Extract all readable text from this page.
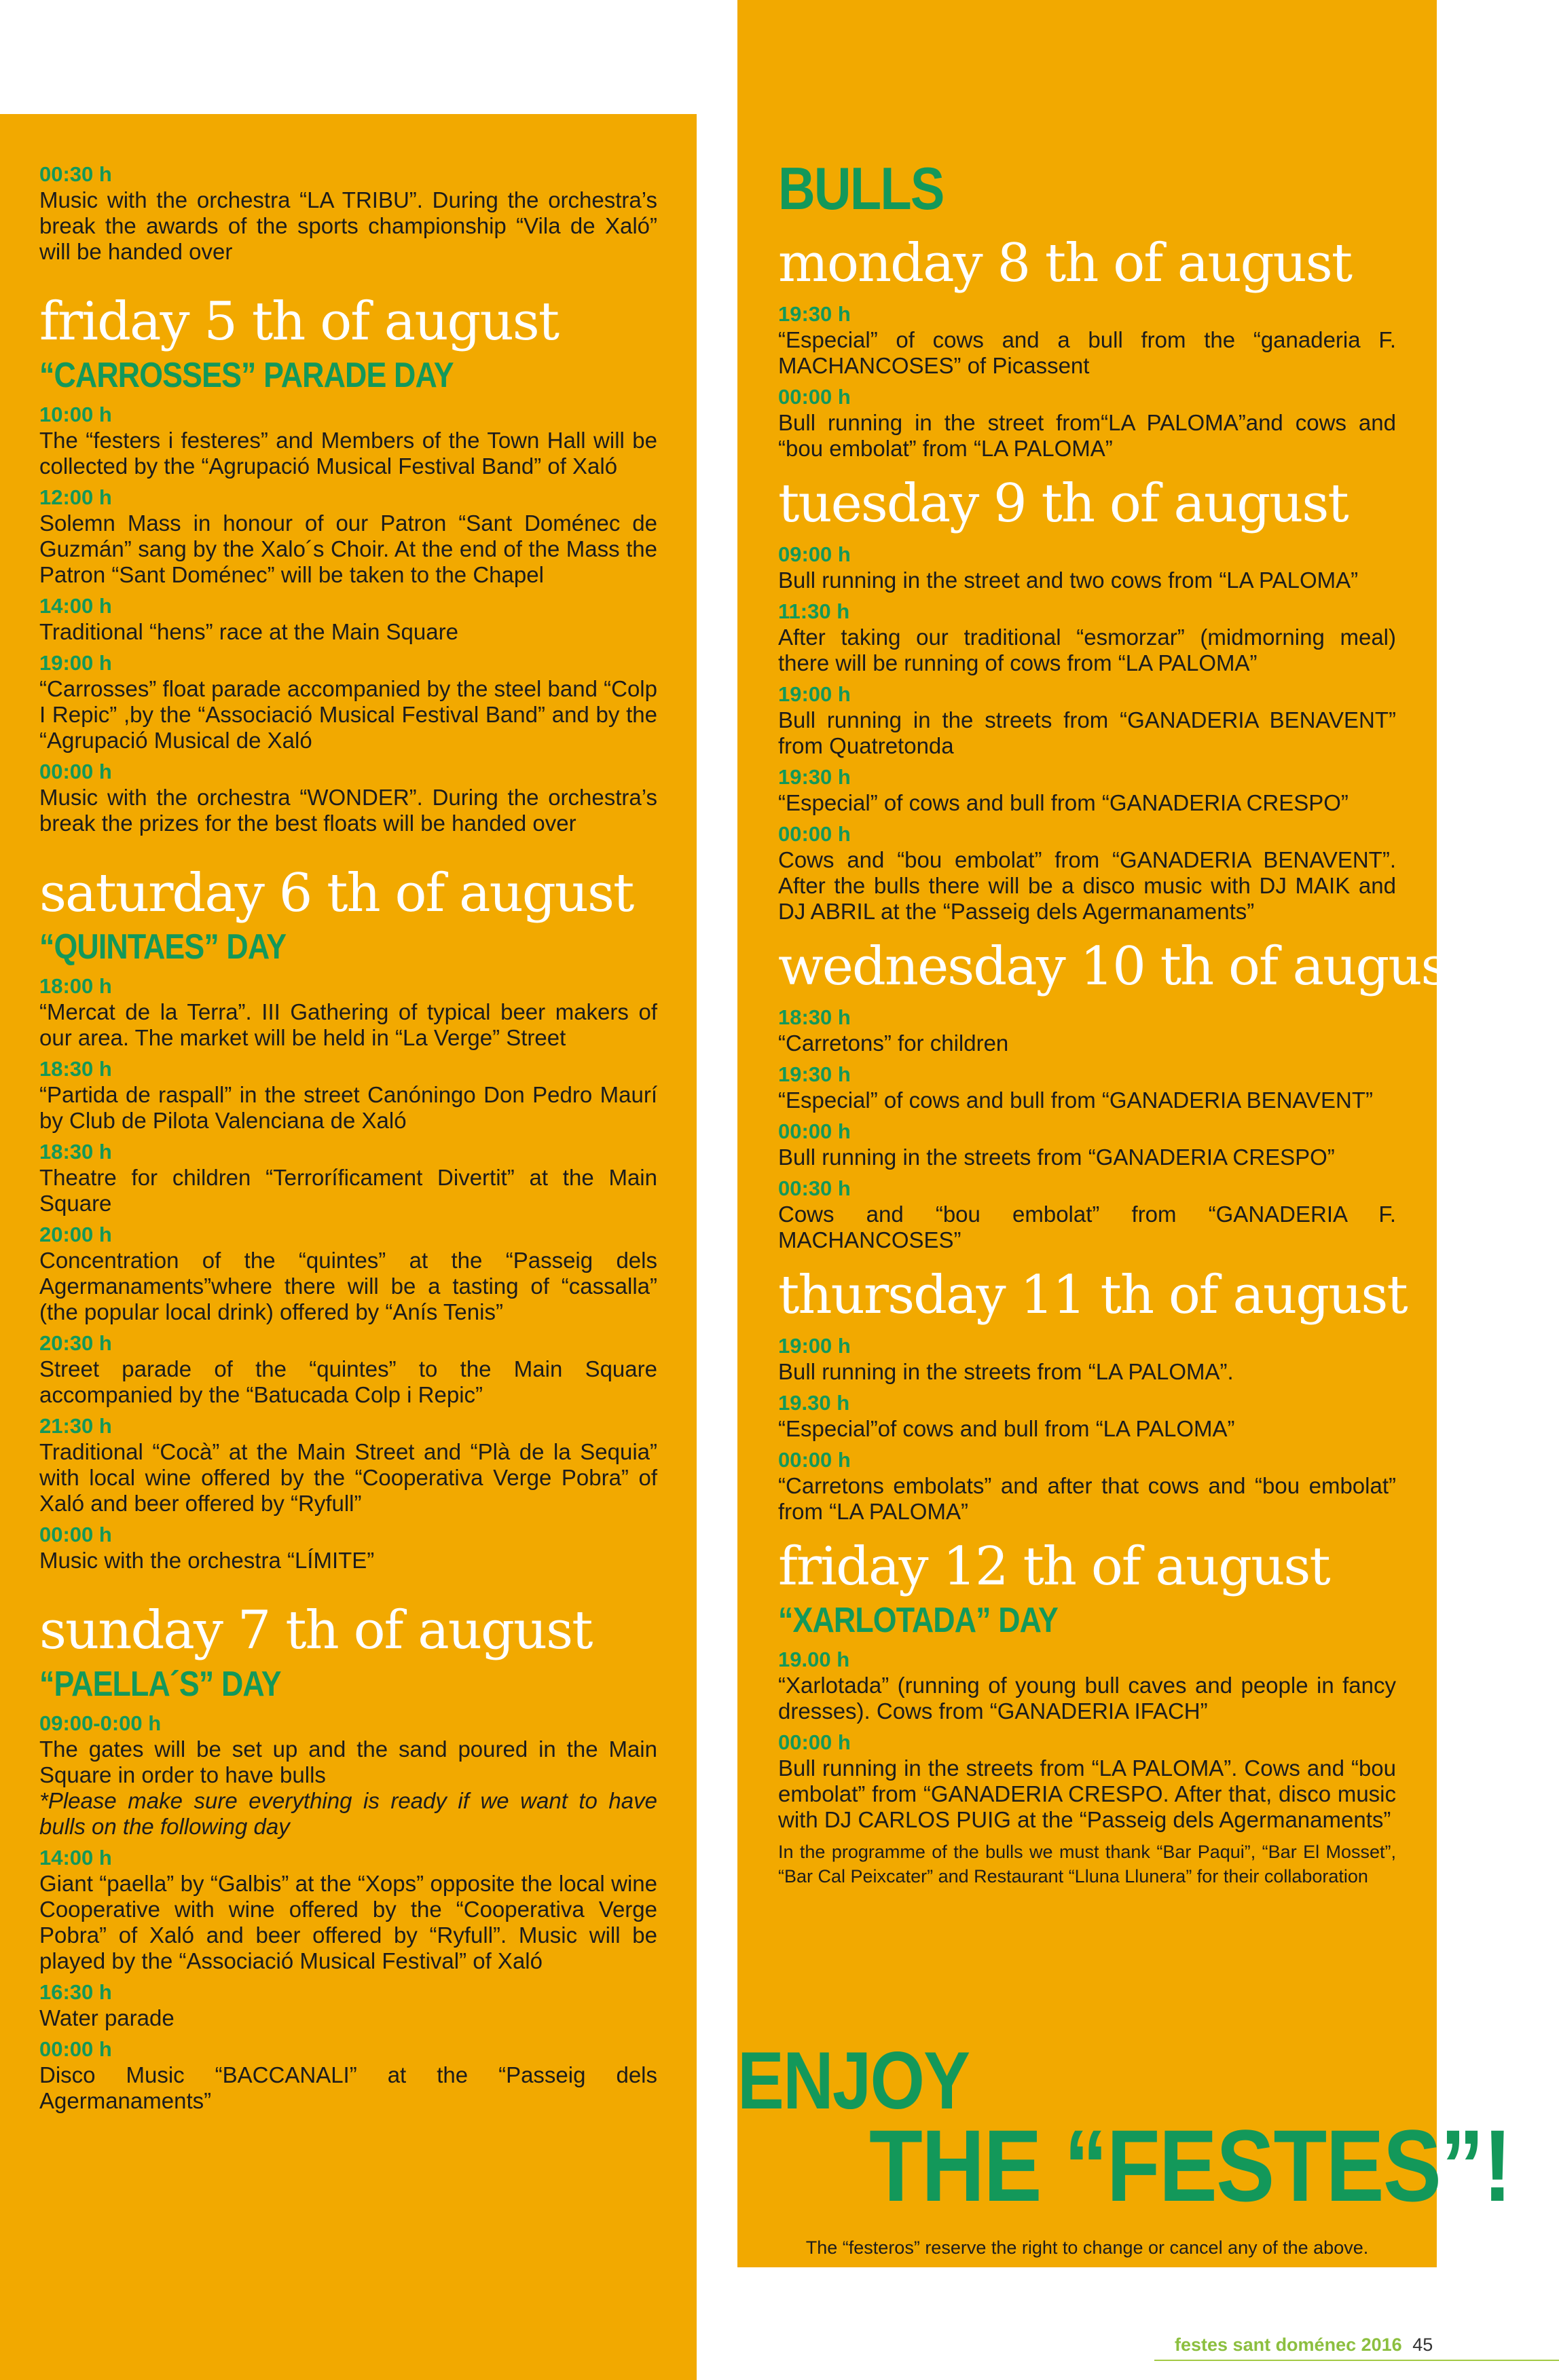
00:30 h
Music with the orchestra “LA TRIBU”. During the orchestra’s break the awards of the sports championship “Vila de Xaló” will be handed over
friday 5 th of august
“CARROSSES” PARADE DAY
10:00 h
The “festers i festeres” and Members of the Town Hall will be collected by the “Agrupació Musical Festival Band” of Xaló
12:00 h
Solemn Mass in honour of our Patron “Sant Doménec de Guzmán” sang by the Xalo´s Choir. At the end of the Mass the Patron “Sant Doménec” will be taken to the Chapel
14:00 h
Traditional “hens” race at the Main Square
19:00 h
“Carrosses” float parade accompanied by the steel band “Colp I Repic” ,by the “Associació Musical Festival Band” and by the “Agrupació Musical de Xaló
00:00 h
Music with the orchestra “WONDER”. During the orchestra’s break the prizes for the best floats will be handed over
saturday 6 th of august
“QUINTAES” DAY
18:00 h
“Mercat de la Terra”. III Gathering of typical beer makers of our area. The market will be held in “La Verge” Street
18:30 h
“Partida de raspall” in the street Canóningo Don Pedro Maurí by Club de Pilota Valenciana de Xaló
18:30 h
Theatre for children “Terroríficament Divertit” at the Main Square
20:00 h
Concentration of the “quintes” at the “Passeig dels Agermanaments”where there will be a tasting of “cassalla” (the popular local drink) offered by “Anís Tenis”
20:30 h
Street parade of the “quintes” to the Main Square accompanied by the “Batucada Colp i Repic”
21:30 h
Traditional “Cocà” at the Main Street and “Plà de la Sequia” with local wine offered by the “Cooperativa Verge Pobra” of Xaló and beer offered by “Ryfull”
00:00 h
Music with the orchestra “LÍMITE”
sunday 7 th of august
“PAELLA´S” DAY
09:00-0:00 h
The gates will be set up and the sand poured in the Main Square in order to have bulls
*Please make sure everything is ready if we want to have bulls on the following day
14:00 h
Giant “paella” by “Galbis” at the “Xops” opposite the local wine Cooperative with wine offered by the “Cooperativa Verge Pobra” of Xaló and beer offered by “Ryfull”. Music will be played by the “Associació Musical Festival” of Xaló
16:30 h
Water parade
00:00 h
Disco Music “BACCANALI” at the “Passeig dels Agermanaments”
BULLS
monday 8 th of august
19:30 h
“Especial” of cows and a bull from the “ganaderia F. MACHANCOSES” of Picassent
00:00 h
Bull running in the street from“LA PALOMA”and cows and “bou embolat” from “LA PALOMA”
tuesday 9 th of august
09:00 h
Bull running in the street and two cows from “LA PALOMA”
11:30 h
After taking our traditional “esmorzar” (midmorning meal) there will be running of cows from “LA PALOMA”
19:00 h
Bull running in the streets from “GANADERIA BENAVENT” from Quatretonda
19:30 h
“Especial” of cows and bull from “GANADERIA CRESPO”
00:00 h
Cows and “bou embolat” from “GANADERIA BENAVENT”. After the bulls there will be a disco music with DJ MAIK and DJ ABRIL at the “Passeig dels Agermanaments”
wednesday 10 th of august
18:30 h
“Carretons” for children
19:30 h
“Especial” of cows and bull from “GANADERIA BENAVENT”
00:00 h
Bull running in the streets from “GANADERIA CRESPO”
00:30 h
Cows and “bou embolat” from “GANADERIA F. MACHANCOSES”
thursday 11 th of august
19:00 h
Bull running in the streets from “LA PALOMA”.
19.30 h
“Especial”of cows and bull from “LA PALOMA”
00:00 h
“Carretons embolats” and after that cows and “bou embolat” from “LA PALOMA”
friday 12 th of august
“XARLOTADA” DAY
19.00 h
“Xarlotada” (running of young bull caves and people in fancy dresses). Cows from “GANADERIA IFACH”
00:00 h
Bull running in the streets from “LA PALOMA”. Cows and “bou embolat” from “GANADERIA CRESPO. After that, disco music with DJ CARLOS PUIG at the “Passeig dels Agermanaments”
In the programme of the bulls we must thank “Bar Paqui”, “Bar El Mosset”, “Bar Cal Peixcater” and Restaurant “Lluna Llunera” for their collaboration
ENJOY
THE “FESTES”!
The “festeros” reserve the right to change or cancel any of the above.
festes sant doménec 2016 45
